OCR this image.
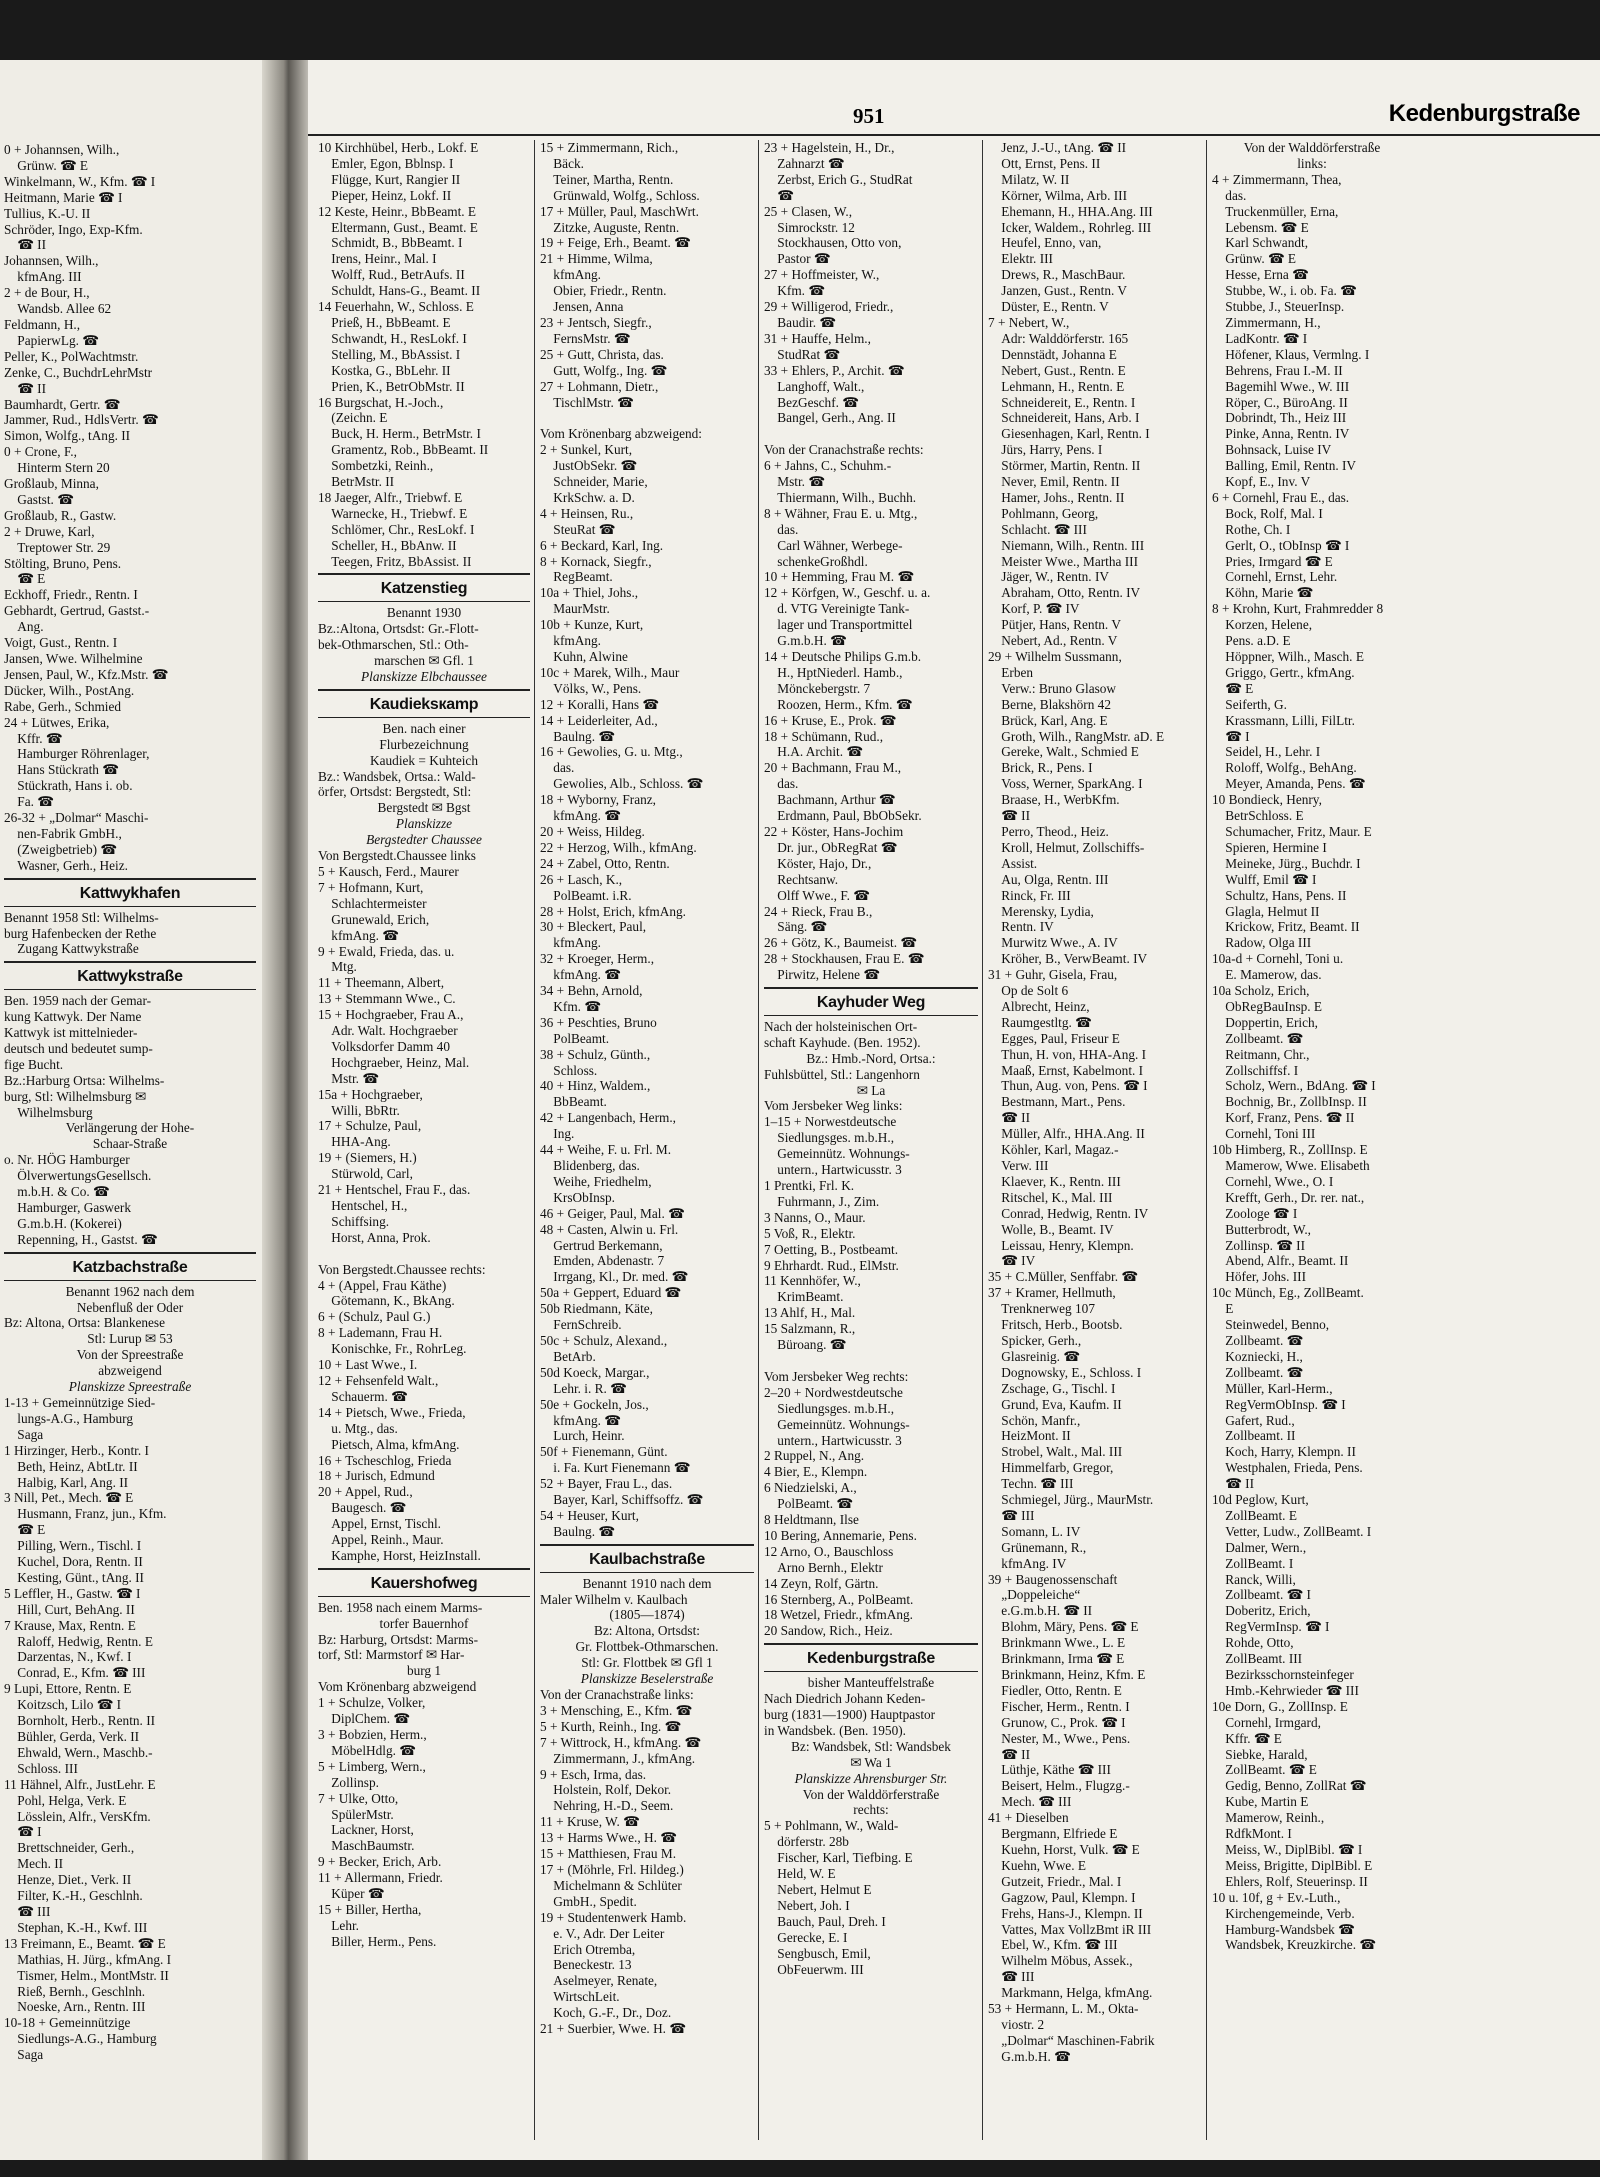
0 + Johannsen, Wilh.,
 Grünw. ☎ E
Winkelmann, W., Kfm. ☎ I
Heitmann, Marie ☎ I
Tullius, K.-U. II
Schröder, Ingo, Exp-Kfm.
 ☎ II
Johannsen, Wilh.,
 kfmAng. III
2 + de Bour, H.,
 Wandsb. Allee 62
Feldmann, H.,
 PapierwLg. ☎
Peller, K., PolWachtmstr.
Zenke, C., BuchdrLehrMstr
 ☎ II
Baumhardt, Gertr. ☎
Jammer, Rud., HdlsVertr. ☎
Simon, Wolfg., tAng. II
0 + Crone, F.,
 Hinterm Stern 20
Großlaub, Minna,
 Gastst. ☎
Großlaub, R., Gastw.
2 + Druwe, Karl,
 Treptower Str. 29
Stölting, Bruno, Pens.
 ☎ E
Eckhoff, Friedr., Rentn. I
Gebhardt, Gertrud, Gastst.-
 Ang.
Voigt, Gust., Rentn. I
Jansen, Wwe. Wilhelmine
Jensen, Paul, W., Kfz.Mstr. ☎
Dücker, Wilh., PostAng.
Rabe, Gerh., Schmied
24 + Lütwes, Erika,
 Kffr. ☎
 Hamburger Röhrenlager,
 Hans Stückrath ☎
 Stückrath, Hans i. ob.
 Fa. ☎
26-32 + „Dolmar“ Maschi-
 nen-Fabrik GmbH.,
 (Zweigbetrieb) ☎
 Wasner, Gerh., Heiz.
Kattwykhafen
Benannt 1958 Stl: Wilhelms-
burg Hafenbecken der Rethe
 Zugang Kattwykstraße
Kattwykstraße
Ben. 1959 nach der Gemar-
kung Kattwyk. Der Name
Kattwyk ist mittelnieder-
deutsch und bedeutet sump-
fige Bucht.
Bz.:Harburg Ortsa: Wilhelms-
burg, Stl: Wilhelmsburg ✉
 Wilhelmsburg
Verlängerung der Hohe-
Schaar-Straße
o. Nr. HÖG Hamburger
 ÖlverwertungsGesellsch.
 m.b.H. & Co. ☎
 Hamburger, Gaswerk
 G.m.b.H. (Kokerei)
 Repenning, H., Gastst. ☎
Katzbachstraße
Benannt 1962 nach dem
Nebenfluß der Oder
Bz: Altona, Ortsa: Blankenese
Stl: Lurup ✉ 53
Von der Spreestraße
abzweigend
Planskizze Spreestraße
1-13 + Gemeinnützige Sied-
 lungs-A.G., Hamburg
 Saga
1 Hirzinger, Herb., Kontr. I
 Beth, Heinz, AbtLtr. II
 Halbig, Karl, Ang. II
3 Nill, Pet., Mech. ☎ E
 Husmann, Franz, jun., Kfm.
 ☎ E
 Pilling, Wern., Tischl. I
 Kuchel, Dora, Rentn. II
 Kesting, Günt., tAng. II
5 Leffler, H., Gastw. ☎ I
 Hill, Curt, BehAng. II
7 Krause, Max, Rentn. E
 Raloff, Hedwig, Rentn. E
 Darzentas, N., Kwf. I
 Conrad, E., Kfm. ☎ III
9 Lupi, Ettore, Rentn. E
 Koitzsch, Lilo ☎ I
 Bornholt, Herb., Rentn. II
 Bühler, Gerda, Verk. II
 Ehwald, Wern., Maschb.-
 Schloss. III
11 Hähnel, Alfr., JustLehr. E
 Pohl, Helga, Verk. E
 Lösslein, Alfr., VersKfm.
 ☎ I
 Brettschneider, Gerh.,
 Mech. II
 Henze, Diet., Verk. II
 Filter, K.-H., Geschlnh.
 ☎ III
 Stephan, K.-H., Kwf. III
13 Freimann, E., Beamt. ☎ E
 Mathias, H. Jürg., kfmAng. I
 Tismer, Helm., MontMstr. II
 Rieß, Bernh., Geschlnh.
 Noeske, Arn., Rentn. III
10-18 + Gemeinnützige
 Siedlungs-A.G., Hamburg
 Saga
951	Kedenburgstraße
10 Kirchhübel, Herb., Lokf. E
 Emler, Egon, Bblnsp. I
 Flügge, Kurt, Rangier II
 Pieper, Heinz, Lokf. II
12 Keste, Heinr., BbBeamt. E
 Eltermann, Gust., Beamt. E
 Schmidt, B., BbBeamt. I
 Irens, Heinr., Mal. I
 Wolff, Rud., BetrAufs. II
 Schuldt, Hans-G., Beamt. II
14 Feuerhahn, W., Schloss. E
 Prieß, H., BbBeamt. E
 Schwandt, H., ResLokf. I
 Stelling, M., BbAssist. I
 Kostka, G., BbLehr. II
 Prien, K., BetrObMstr. II
16 Burgschat, H.-Joch.,
 (Zeichn. E
 Buck, H. Herm., BetrMstr. I
 Gramentz, Rob., BbBeamt. II
 Sombetzki, Reinh.,
 BetrMstr. II
18 Jaeger, Alfr., Triebwf. E
 Warnecke, H., Triebwf. E
 Schlömer, Chr., ResLokf. I
 Scheller, H., BbAnw. II
 Teegen, Fritz, BbAssist. II
Katzenstieg
Benannt 1930
Bz.:Altona, Ortsdst: Gr.-Flott-
bek-Othmarschen, Stl.: Oth-
marschen ✉ Gfl. 1
Planskizze Elbchaussee
Kaudieksкamp
Ben. nach einer
Flurbezeichnung
Kaudiek = Kuhteich
Bz.: Wandsbek, Ortsa.: Wald-
örfer, Ortsdst: Bergstedt, Stl:
Bergstedt ✉ Bgst
Planskizze
Bergstedter Chaussee
Von Bergstedt.Chaussee links
5 + Kausch, Ferd., Maurer
7 + Hofmann, Kurt,
 Schlachtermeister
 Grunewald, Erich,
 kfmAng. ☎
9 + Ewald, Frieda, das. u.
 Mtg.
11 + Theemann, Albert,
13 + Stemmann Wwe., C.
15 + Hochgraeber, Frau A.,
 Adr. Walt. Hochgraeber
 Volksdorfer Damm 40
 Hochgraeber, Heinz, Mal.
 Mstr. ☎
15a + Hochgraeber,
 Willi, BbRtr.
17 + Schulze, Paul,
 HHA-Ang.
19 + (Siemers, H.)
 Stürwold, Carl,
21 + Hentschel, Frau F., das.
 Hentschel, H.,
 Schiffsing.
 Horst, Anna, Prok.

Von Bergstedt.Chaussee rechts:
4 + (Appel, Frau Käthe)
 Götemann, K., BkAng.
6 + (Schulz, Paul G.)
8 + Lademann, Frau H.
 Konischke, Fr., RohrLeg.
10 + Last Wwe., I.
12 + Fehsenfeld Walt.,
 Schauerm. ☎
14 + Pietsch, Wwe., Frieda,
 u. Mtg., das.
 Pietsch, Alma, kfmAng.
16 + Tscheschlog, Frieda
18 + Jurisch, Edmund
20 + Appel, Rud.,
 Baugesch. ☎
 Appel, Ernst, Tischl.
 Appel, Reinh., Maur.
 Kamphe, Horst, HeizInstall.
Kauershofweg
Ben. 1958 nach einem Marms-
torfer Bauernhof
Bz: Harburg, Ortsdst: Marms-
torf, Stl: Marmstorf ✉ Har-
burg 1
Vom Krönenbarg abzweigend
1 + Schulze, Volker,
 DiplChem. ☎
3 + Bobzien, Herm.,
 MöbelHdlg. ☎
5 + Limberg, Wern.,
 Zollinsp.
7 + Ulke, Otto,
 SpülerMstr.
 Lackner, Horst,
 MaschBaumstr.
9 + Becker, Erich, Arb.
11 + Allermann, Friedr.
 Küper ☎
15 + Biller, Hertha,
 Lehr.
 Biller, Herm., Pens.
15 + Zimmermann, Rich.,
 Bäck.
 Teiner, Martha, Rentn.
 Grünwald, Wolfg., Schloss.
17 + Müller, Paul, MaschWrt.
 Zitzke, Auguste, Rentn.
19 + Feige, Erh., Beamt. ☎
21 + Himme, Wilma,
 kfmAng.
 Obier, Friedr., Rentn.
 Jensen, Anna
23 + Jentsch, Siegfr.,
 FernsMstr. ☎
25 + Gutt, Christa, das.
 Gutt, Wolfg., Ing. ☎
27 + Lohmann, Dietr.,
 TischlMstr. ☎

Vom Krönenbarg abzweigend:
2 + Sunkel, Kurt,
 JustObSekr. ☎
 Schneider, Marie,
 KrkSchw. a. D.
4 + Heinsen, Ru.,
 SteuRat ☎
6 + Beckard, Karl, Ing.
8 + Kornack, Siegfr.,
 RegBeamt.
10a + Thiel, Johs.,
 MaurMstr.
10b + Kunze, Kurt,
 kfmAng.
 Kuhn, Alwine
10c + Marek, Wilh., Maur
 Völks, W., Pens.
12 + Koralli, Hans ☎
14 + Leiderleiter, Ad.,
 Baulng. ☎
16 + Gewolies, G. u. Mtg.,
 das.
 Gewolies, Alb., Schloss. ☎
18 + Wyborny, Franz,
 kfmAng. ☎
20 + Weiss, Hildeg.
22 + Herzog, Wilh., kfmAng.
24 + Zabel, Otto, Rentn.
26 + Lasch, K.,
 PolBeamt. i.R.
28 + Holst, Erich, kfmAng.
30 + Bleckert, Paul,
 kfmAng.
32 + Kroeger, Herm.,
 kfmAng. ☎
34 + Behn, Arnold,
 Kfm. ☎
36 + Peschties, Bruno
 PolBeamt.
38 + Schulz, Günth.,
 Schloss.
40 + Hinz, Waldem.,
 BbBeamt.
42 + Langenbach, Herm.,
 Ing.
44 + Weihe, F. u. Frl. M.
 Blidenberg, das.
 Weihe, Friedhelm,
 KrsObInsp.
46 + Geiger, Paul, Mal. ☎
48 + Casten, Alwin u. Frl.
 Gertrud Berkemann,
 Emden, Abdenastr. 7
 Irrgang, Kl., Dr. med. ☎
50a + Geppert, Eduard ☎
50b Riedmann, Käte,
 FernSchreib.
50c + Schulz, Alexand.,
 BetArb.
50d Koeck, Margar.,
 Lehr. i. R. ☎
50e + Gockeln, Jos.,
 kfmAng. ☎
 Lurch, Heinr.
50f + Fienemann, Günt.
 i. Fa. Kurt Fienemann ☎
52 + Bayer, Frau L., das.
 Bayer, Karl, Schiffsoffz. ☎
54 + Heuser, Kurt,
 Baulng. ☎
Kaulbachstraße
Benannt 1910 nach dem
Maler Wilhelm v. Kaulbach
(1805—1874)
Bz: Altona, Ortsdst:
Gr. Flottbek-Othmarschen.
Stl: Gr. Flottbek ✉ Gfl 1
Planskizze Beselerstraße
Von der Cranachstraße links:
3 + Mensching, E., Kfm. ☎
5 + Kurth, Reinh., Ing. ☎
7 + Wittrock, H., kfmAng. ☎
 Zimmermann, J., kfmAng.
9 + Esch, Irma, das.
 Holstein, Rolf, Dekor.
 Nehring, H.-D., Seem.
11 + Kruse, W. ☎
13 + Harms Wwe., H. ☎
15 + Matthiesen, Frau M.
17 + (Möhrle, Frl. Hildeg.)
 Michelmann & Schlüter
 GmbH., Spedit.
19 + Studentenwerk Hamb.
 e. V., Adr. Der Leiter
 Erich Otremba,
 Beneckestr. 13
 Aselmeyer, Renate,
 WirtschLeit.
 Koch, G.-F., Dr., Doz.
21 + Suerbier, Wwe. H. ☎
23 + Hagelstein, H., Dr.,
 Zahnarzt ☎
 Zerbst, Erich G., StudRat
 ☎
25 + Clasen, W.,
 Simrockstr. 12
 Stockhausen, Otto von,
 Pastor ☎
27 + Hoffmeister, W.,
 Kfm. ☎
29 + Willigerod, Friedr.,
 Baudir. ☎
31 + Hauffe, Helm.,
 StudRat ☎
33 + Ehlers, P., Archit. ☎
 Langhoff, Walt.,
 BezGeschf. ☎
 Bangel, Gerh., Ang. II

Von der Cranachstraße rechts:
6 + Jahns, C., Schuhm.-
 Mstr. ☎
 Thiermann, Wilh., Buchh.
8 + Wähner, Frau E. u. Mtg.,
 das.
 Carl Wähner, Werbege-
 schenkeGroßhdl.
10 + Hemming, Frau M. ☎
12 + Körfgen, W., Geschf. u. a.
 d. VTG Vereinigte Tank-
 lager und Transportmittel
 G.m.b.H. ☎
14 + Deutsche Philips G.m.b.
 H., HptNiederl. Hamb.,
 Mönckebergstr. 7
 Roozen, Herm., Kfm. ☎
16 + Kruse, E., Prok. ☎
18 + Schümann, Rud.,
 H.A. Archit. ☎
20 + Bachmann, Frau M.,
 das.
 Bachmann, Arthur ☎
 Erdmann, Paul, BbObSekr.
22 + Köster, Hans-Jochim
 Dr. jur., ObRegRat ☎
 Köster, Hajo, Dr.,
 Rechtsanw.
 Olff Wwe., F. ☎
24 + Rieck, Frau B.,
 Säng. ☎
26 + Götz, K., Baumeist. ☎
28 + Stockhausen, Frau E. ☎
 Pirwitz, Helene ☎
Kayhuder Weg
Nach der holsteinischen Ort-
schaft Kayhude. (Ben. 1952).
Bz.: Hmb.-Nord, Ortsa.:
Fuhlsbüttel, Stl.: Langenhorn
✉ La
Vom Jersbeker Weg links:
1–15 + Norwestdeutsche
 Siedlungsges. m.b.H.,
 Gemeinnütz. Wohnungs-
 untern., Hartwicusstr. 3
1 Prentki, Frl. K.
 Fuhrmann, J., Zim.
3 Nanns, O., Maur.
5 Voß, R., Elektr.
7 Oetting, B., Postbeamt.
9 Ehrhardt. Rud., ElMstr.
11 Kennhöfer, W.,
 KrimBeamt.
13 Ahlf, H., Mal.
15 Salzmann, R.,
 Büroang. ☎

Vom Jersbeker Weg rechts:
2–20 + Nordwestdeutsche
 Siedlungsges. m.b.H.,
 Gemeinnütz. Wohnungs-
 untern., Hartwicusstr. 3
2 Ruppel, N., Ang.
4 Bier, E., Klempn.
6 Niedzielski, A.,
 PolBeamt. ☎
8 Heldtmann, Ilse
10 Bering, Annemarie, Pens.
12 Arno, O., Bauschloss
 Arno Bernh., Elektr
14 Zeyn, Rolf, Gärtn.
16 Sternberg, A., PolBeamt.
18 Wetzel, Friedr., kfmAng.
20 Sandow, Rich., Heiz.
Kedenburgstraße
bisher Manteuffelstraße
Nach Diedrich Johann Keden-
burg (1831—1900) Hauptpastor
in Wandsbek. (Ben. 1950).
Bz: Wandsbek, Stl: Wandsbek
✉ Wa 1
Planskizze Ahrensburger Str.
Von der Walddörferstraße
rechts:
5 + Pohlmann, W., Wald-
 dörferstr. 28b
 Fischer, Karl, Tiefbing. E
 Held, W. E
 Nebert, Helmut E
 Nebert, Joh. I
 Bauch, Paul, Dreh. I
 Gerecke, E. I
 Sengbusch, Emil,
 ObFeuerwm. III
 Jenz, J.-U., tAng. ☎ II
 Ott, Ernst, Pens. II
 Milatz, W. II
 Körner, Wilma, Arb. III
 Ehemann, H., HHA.Ang. III
 Icker, Waldem., Rohrleg. III
 Heufel, Enno, van,
 Elektr. III
 Drews, R., MaschBaur.
 Janzen, Gust., Rentn. V
 Düster, E., Rentn. V
7 + Nebert, W.,
 Adr: Walddörferstr. 165
 Dennstädt, Johanna E
 Nebert, Gust., Rentn. E
 Lehmann, H., Rentn. E
 Schneidereit, E., Rentn. I
 Schneidereit, Hans, Arb. I
 Giesenhagen, Karl, Rentn. I
 Jürs, Harry, Pens. I
 Störmer, Martin, Rentn. II
 Never, Emil, Rentn. II
 Hamer, Johs., Rentn. II
 Pohlmann, Georg,
 Schlacht. ☎ III
 Niemann, Wilh., Rentn. III
 Meister Wwe., Martha III
 Jäger, W., Rentn. IV
 Abraham, Otto, Rentn. IV
 Korf, P. ☎ IV
 Pütjer, Hans, Rentn. V
 Nebert, Ad., Rentn. V
29 + Wilhelm Sussmann,
 Erben
 Verw.: Bruno Glasow
 Berne, Blakshörn 42
 Brück, Karl, Ang. E
 Groth, Wilh., RangMstr. aD. E
 Gereke, Walt., Schmied E
 Brick, R., Pens. I
 Voss, Werner, SparkAng. I
 Braase, H., WerbKfm.
 ☎ II
 Perro, Theod., Heiz.
 Kroll, Helmut, Zollschiffs-
 Assist.
 Au, Olga, Rentn. III
 Rinck, Fr. III
 Merensky, Lydia,
 Rentn. IV
 Murwitz Wwe., A. IV
 Kröher, B., VerwBeamt. IV
31 + Guhr, Gisela, Frau,
 Op de Solt 6
 Albrecht, Heinz,
 Raumgestltg. ☎
 Egges, Paul, Friseur E
 Thun, H. von, HHA-Ang. I
 Maaß, Ernst, Kabelmont. I
 Thun, Aug. von, Pens. ☎ I
 Bestmann, Mart., Pens.
 ☎ II
 Müller, Alfr., HHA.Ang. II
 Köhler, Karl, Magaz.-
 Verw. III
 Klaever, K., Rentn. III
 Ritschel, K., Mal. III
 Conrad, Hedwig, Rentn. IV
 Wolle, B., Beamt. IV
 Leissau, Henry, Klempn.
 ☎ IV
35 + C.Müller, Senffabr. ☎
37 + Kramer, Hellmuth,
 Trenknerweg 107
 Fritsch, Herb., Bootsb.
 Spicker, Gerh.,
 Glasreinig. ☎
 Dognowsky, E., Schloss. I
 Zschage, G., Tischl. I
 Grund, Eva, Kaufm. II
 Schön, Manfr.,
 HeizMont. II
 Strobel, Walt., Mal. III
 Himmelfarb, Gregor,
 Techn. ☎ III
 Schmiegel, Jürg., MaurMstr.
 ☎ III
 Somann, L. IV
 Grünemann, R.,
 kfmAng. IV
39 + Baugenossenschaft
 „Doppeleiche“
 e.G.m.b.H. ☎ II
 Blohm, Märy, Pens. ☎ E
 Brinkmann Wwe., L. E
 Brinkmann, Irma ☎ E
 Brinkmann, Heinz, Kfm. E
 Fiedler, Otto, Rentn. E
 Fischer, Herm., Rentn. I
 Grunow, C., Prok. ☎ I
 Nester, M., Wwe., Pens.
 ☎ II
 Lüthje, Käthe ☎ III
 Beisert, Helm., Flugzg.-
 Mech. ☎ III
41 + Dieselben
 Bergmann, Elfriede E
 Kuehn, Horst, Vulk. ☎ E
 Kuehn, Wwe. E
 Gutzeit, Friedr., Mal. I
 Gagzow, Paul, Klempn. I
 Frehs, Hans-J., Klempn. II
 Vattes, Max VollzBmt iR III
 Ebel, W., Kfm. ☎ III
 Wilhelm Möbus, Assek.,
 ☎ III
 Markmann, Helga, kfmAng.
53 + Hermann, L. M., Okta-
 viostr. 2
 „Dolmar“ Maschinen-Fabrik
 G.m.b.H. ☎
Von der Walddörferstraße
links:
4 + Zimmermann, Thea,
 das.
 Truckenmüller, Erna,
 Lebensm. ☎ E
 Karl Schwandt,
 Grünw. ☎ E
 Hesse, Erna ☎
 Stubbe, W., i. ob. Fa. ☎
 Stubbe, J., SteuerInsp.
 Zimmermann, H.,
 LadKontr. ☎ I
 Höfener, Klaus, Vermlng. I
 Behrens, Frau I.-M. II
 Bagemihl Wwe., W. III
 Röper, C., BüroAng. II
 Dobrindt, Th., Heiz III
 Pinke, Anna, Rentn. IV
 Bohnsack, Luise IV
 Balling, Emil, Rentn. IV
 Kopf, E., Inv. V
6 + Cornehl, Frau E., das.
 Bock, Rolf, Mal. I
 Rothe, Ch. I
 Gerlt, O., tObInsp ☎ I
 Pries, Irmgard ☎ E
 Cornehl, Ernst, Lehr.
 Köhn, Marie ☎
8 + Krohn, Kurt, Frahmredder 8
 Korzen, Helene,
 Pens. a.D. E
 Höppner, Wilh., Masch. E
 Griggo, Gertr., kfmAng.
 ☎ E
 Seiferth, G.
 Krassmann, Lilli, FilLtr.
 ☎ I
 Seidel, H., Lehr. I
 Roloff, Wolfg., BehAng.
 Meyer, Amanda, Pens. ☎
10 Bondieck, Henry,
 BetrSchloss. E
 Schumacher, Fritz, Maur. E
 Spieren, Hermine I
 Meineke, Jürg., Buchdr. I
 Wulff, Emil ☎ I
 Schultz, Hans, Pens. II
 Glagla, Helmut II
 Krickow, Fritz, Beamt. II
 Radow, Olga III
10a-d + Cornehl, Toni u.
 E. Mamerow, das.
10a Scholz, Erich,
 ObRegBauInsp. E
 Doppertin, Erich,
 Zollbeamt. ☎
 Reitmann, Chr.,
 Zollschiffsf. I
 Scholz, Wern., BdAng. ☎ I
 Bochnig, Br., ZollbInsp. II
 Korf, Franz, Pens. ☎ II
 Cornehl, Toni III
10b Himberg, R., ZollInsp. E
 Mamerow, Wwe. Elisabeth
 Cornehl, Wwe., O. I
 Krefft, Gerh., Dr. rer. nat.,
 Zoologe ☎ I
 Butterbrodt, W.,
 Zollinsp. ☎ II
 Abend, Alfr., Beamt. II
 Höfer, Johs. III
10c Münch, Eg., ZollBeamt.
 E
 Steinwedel, Benno,
 Zollbeamt. ☎
 Kozniecki, H.,
 Zollbeamt. ☎
 Müller, Karl-Herm.,
 RegVermObInsp. ☎ I
 Gafert, Rud.,
 Zollbeamt. II
 Koch, Harry, Klempn. II
 Westphalen, Frieda, Pens.
 ☎ II
10d Peglow, Kurt,
 ZollBeamt. E
 Vetter, Ludw., ZollBeamt. I
 Dalmer, Wern.,
 ZollBeamt. I
 Ranck, Willi,
 Zollbeamt. ☎ I
 Doberitz, Erich,
 RegVermInsp. ☎ I
 Rohde, Otto,
 ZollBeamt. III
 Bezirksschornsteinfeger
 Hmb.-Kehrwieder ☎ III
10e Dorn, G., ZollInsp. E
 Cornehl, Irmgard,
 Kffr. ☎ E
 Siebke, Harald,
 ZollBeamt. ☎ E
 Gedig, Benno, ZollRat ☎
 Kube, Martin E
 Mamerow, Reinh.,
 RdfkMont. I
 Meiss, W., DiplBibl. ☎ I
 Meiss, Brigitte, DiplBibl. E
 Ehlers, Rolf, Steuerinsp. II
10 u. 10f, g + Ev.-Luth.,
 Kirchengemeinde, Verb.
 Hamburg-Wandsbek ☎
 Wandsbek, Kreuzkirche. ☎
